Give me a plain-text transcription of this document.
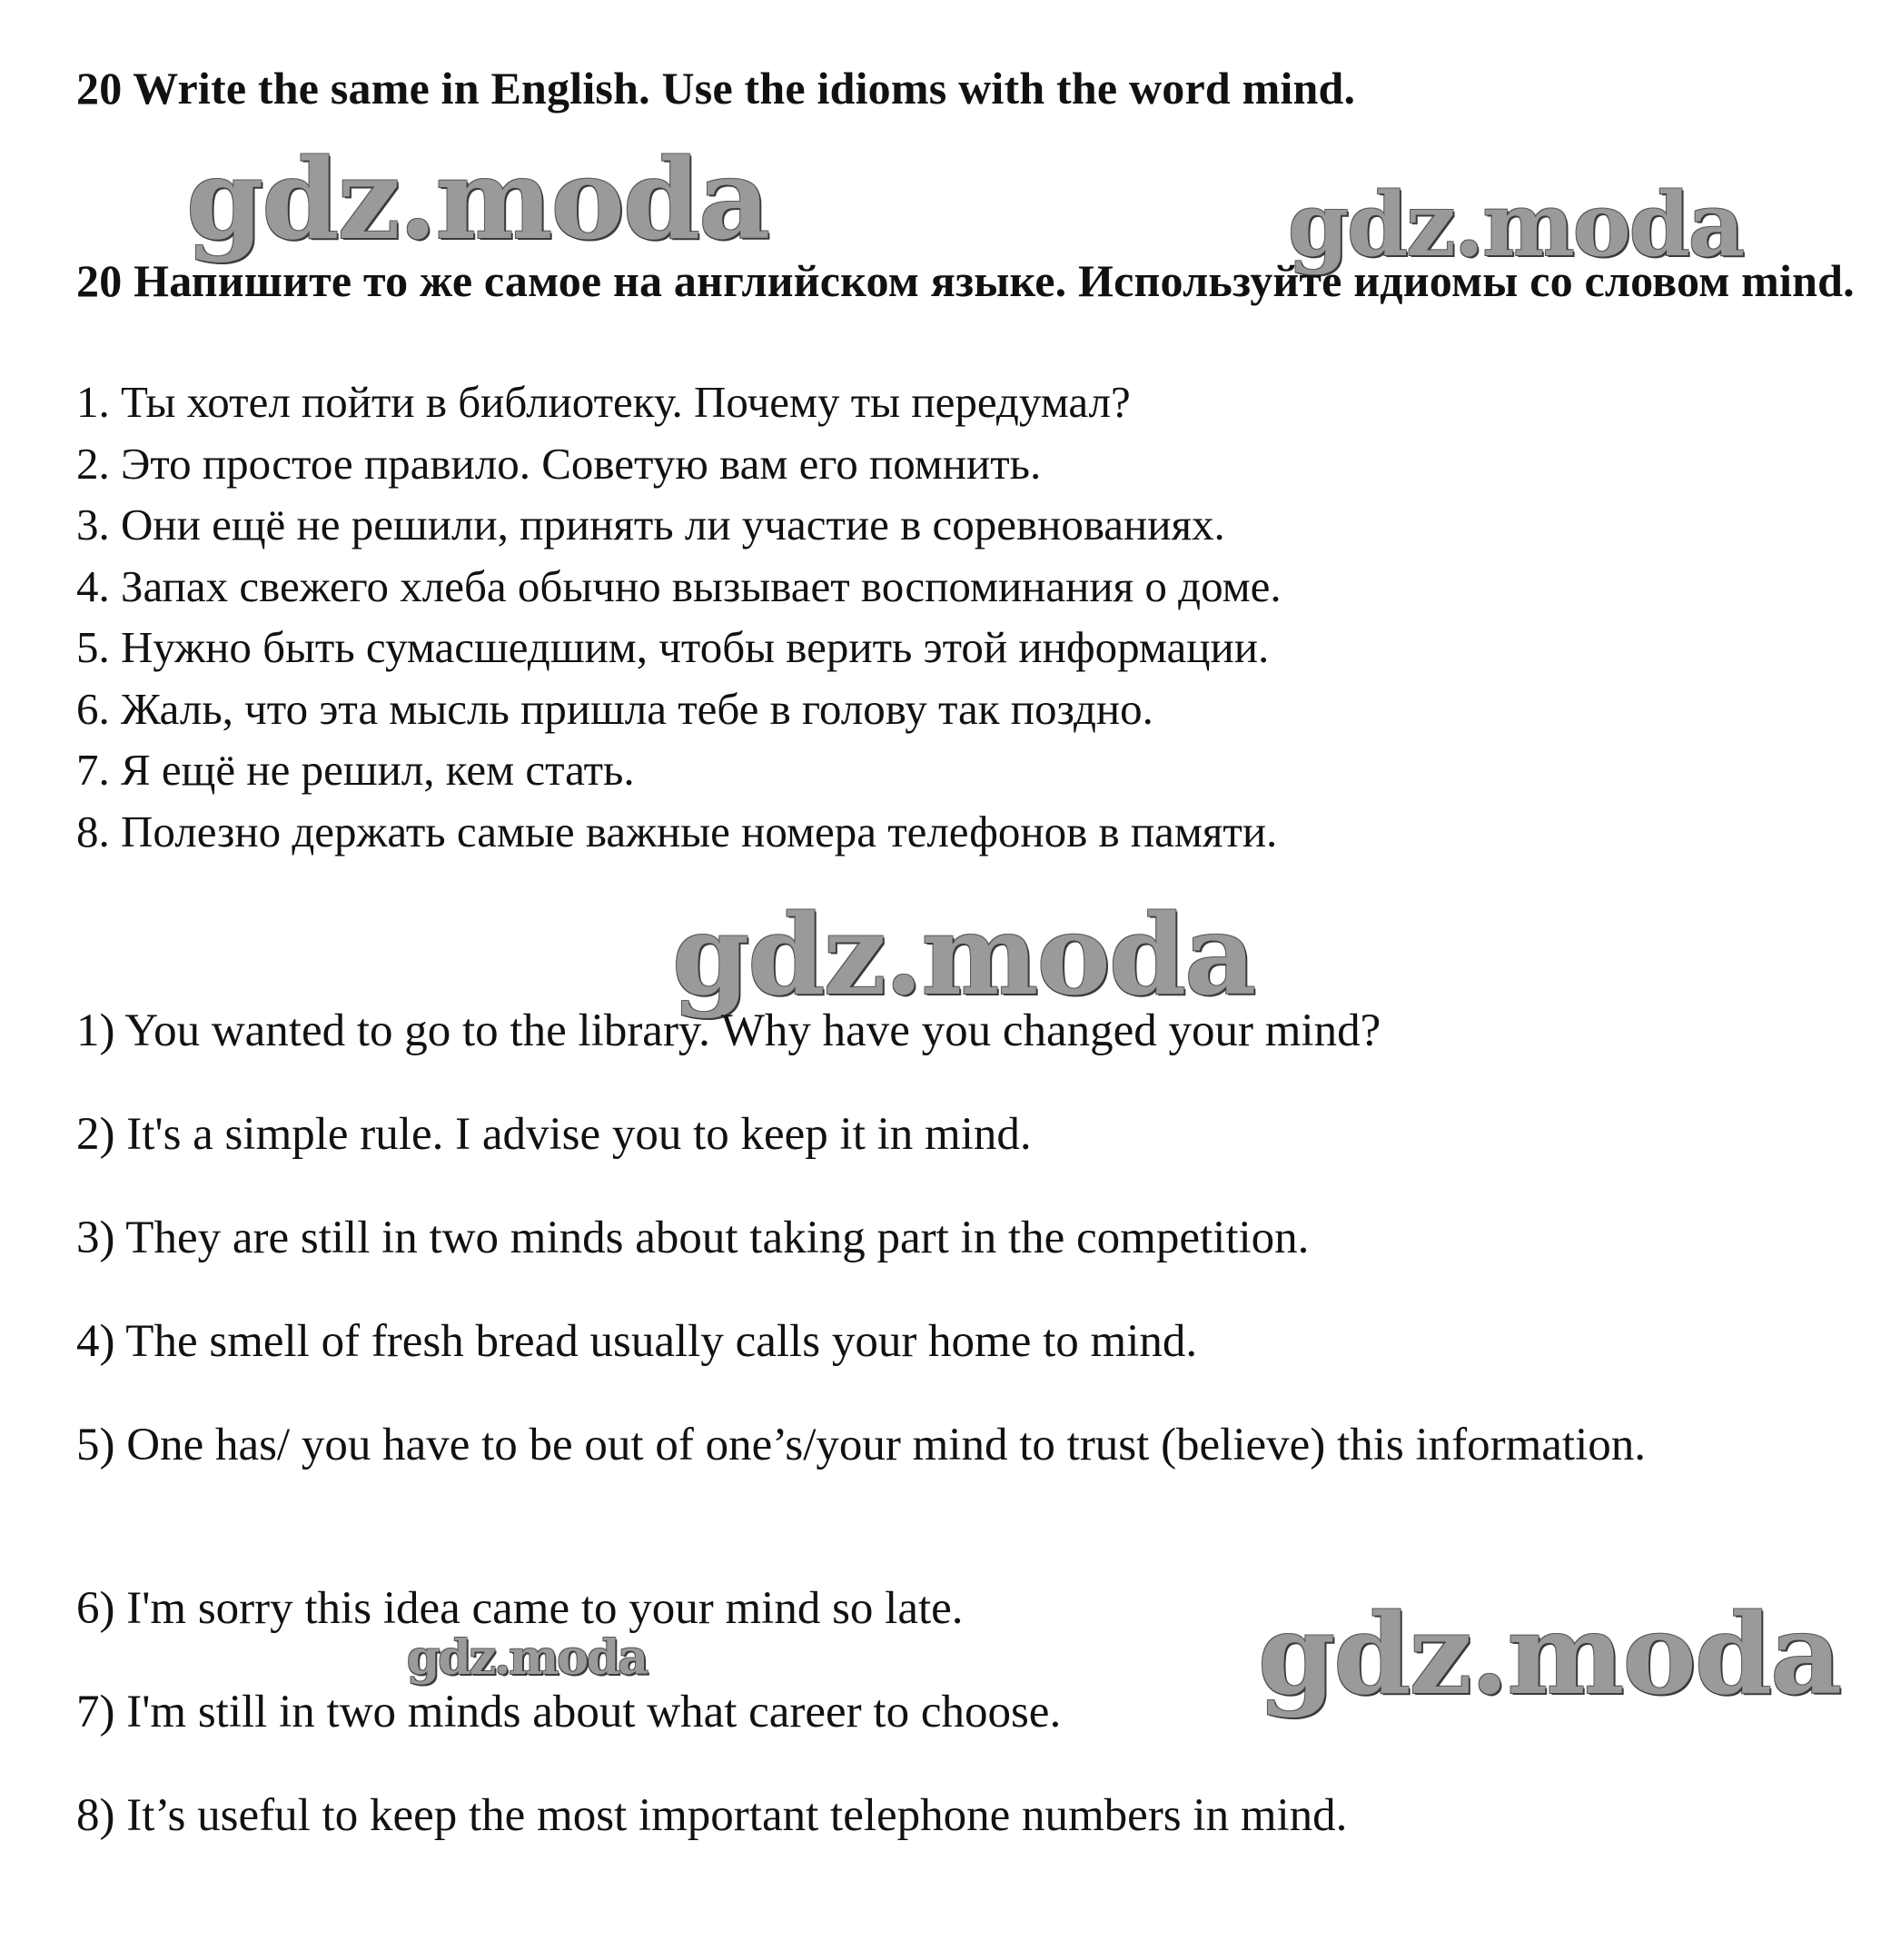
20 Write the same in English. Use the idioms with the word mind.

gdz.moda	gdz.moda

20 Напишите то же самое на английском языке. Используйте идиомы со словом mind.

1. Ты хотел пойти в библиотеку. Почему ты передумал?
2. Это простое правило. Советую вам его помнить.
3. Они ещё не решили, принять ли участие в соревнованиях.
4. Запах свежего хлеба обычно вызывает воспоминания о доме.
5. Нужно быть сумасшедшим, чтобы верить этой информации.
6. Жаль, что эта мысль пришла тебе в голову так поздно.
7. Я ещё не решил, кем стать.
8. Полезно держать самые важные номера телефонов в памяти.
gdz.moda

1) You wanted to go to the library. Why have you changed your mind?

2) It's a simple rule. I advise you to keep it in mind.

3) They are still in two minds about taking part in the competition.

4) The smell of fresh bread usually calls your home to mind.

5) One has/ you have to be out of one’s/your mind to trust (believe) this information.

6) I'm sorry this idea came to your mind so late.

7) I'm still in two minds about what career to choose.

8) It’s useful to keep the most important telephone numbers in mind.

gdz.moda	gdz.moda
